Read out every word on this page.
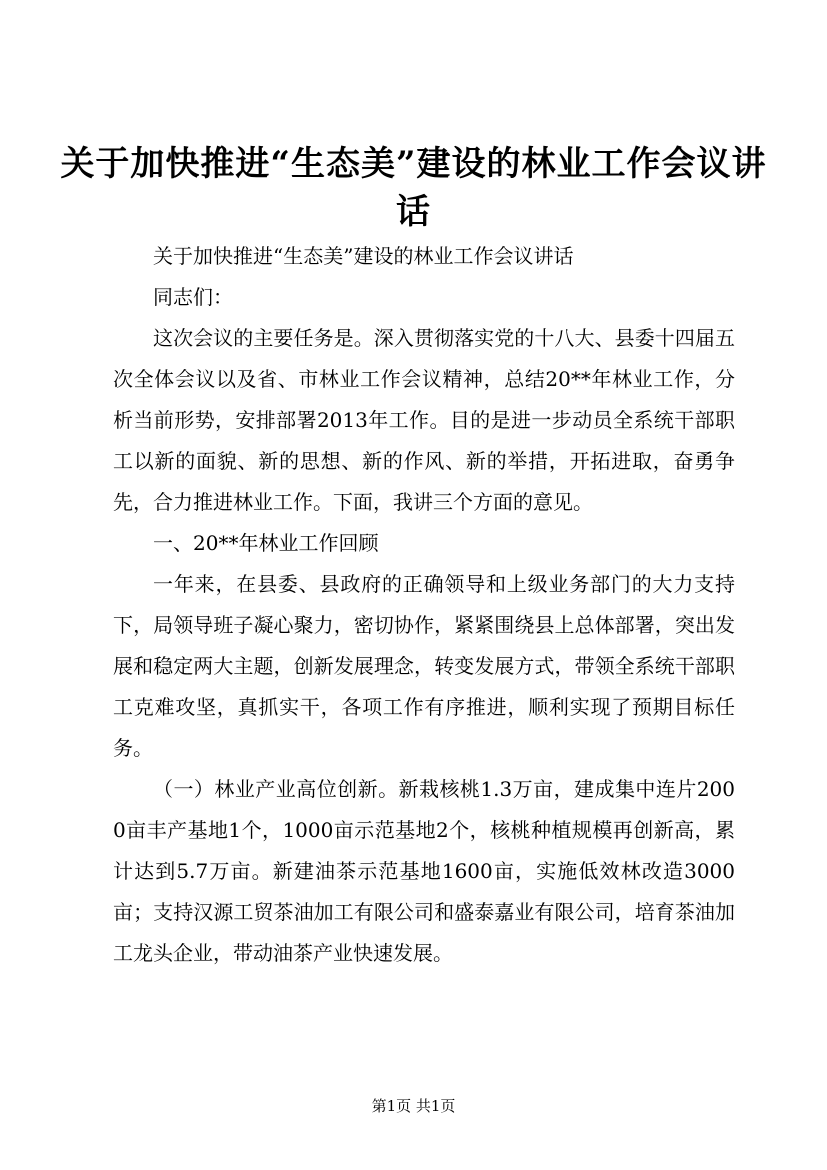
关于加快推进“生态美”建设的林业工作会议讲话

关于加快推进“生态美”建设的林业工作会议讲话

同志们：

这次会议的主要任务是。深入贯彻落实党的十八大、县委十四届五次全体会议以及省、市林业工作会议精神，总结20**年林业工作，分析当前形势，安排部署2013年工作。目的是进一步动员全系统干部职工以新的面貌、新的思想、新的作风、新的举措，开拓进取，奋勇争先，合力推进林业工作。下面，我讲三个方面的意见。

一、20**年林业工作回顾

一年来，在县委、县政府的正确领导和上级业务部门的大力支持下，局领导班子凝心聚力，密切协作，紧紧围绕县上总体部署，突出发展和稳定两大主题，创新发展理念，转变发展方式，带领全系统干部职工克难攻坚，真抓实干，各项工作有序推进，顺利实现了预期目标任务。

（一）林业产业高位创新。新栽核桃1.3万亩，建成集中连片2000亩丰产基地1个，1000亩示范基地2个，核桃种植规模再创新高，累计达到5.7万亩。新建油茶示范基地1600亩，实施低效林改造3000亩；支持汉源工贸茶油加工有限公司和盛泰嘉业有限公司，培育茶油加工龙头企业，带动油茶产业快速发展。

第1页 共1页
